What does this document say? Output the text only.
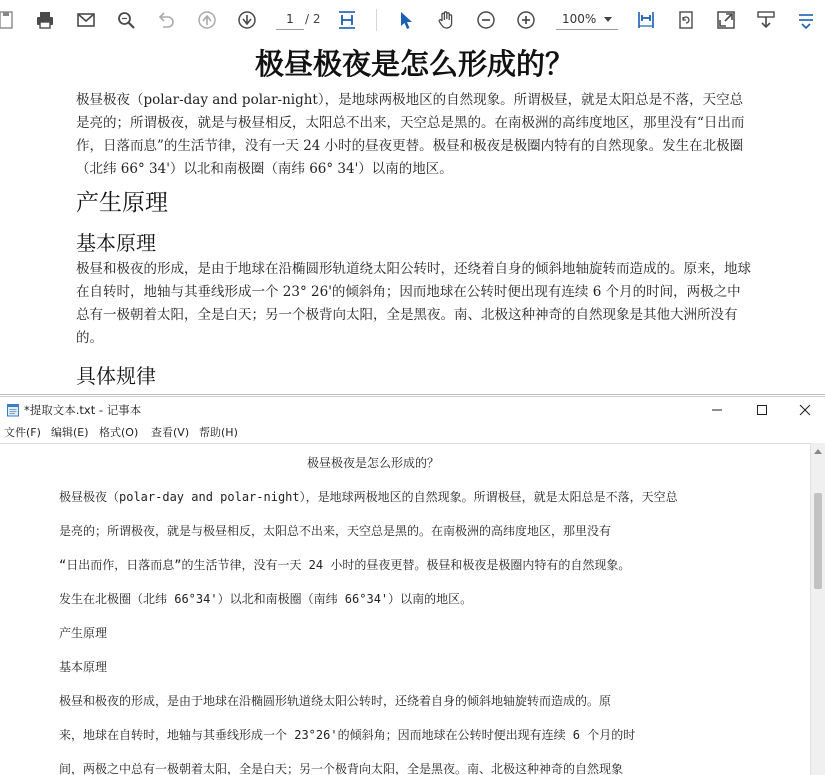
1 / 2	100%
极昼极夜是怎么形成的？
极昼极夜（polar-day and polar-night），是地球两极地区的自然现象。所谓极昼，就是太阳总是不落，天空总是亮的；所谓极夜，就是与极昼相反，太阳总不出来，天空总是黑的。在南极洲的高纬度地区，那里没有“日出而作，日落而息”的生活节律，没有一天 24 小时的昼夜更替。极昼和极夜是极圈内特有的自然现象。发生在北极圈（北纬 66° 34'）以北和南极圈（南纬 66° 34'）以南的地区。
产生原理
基本原理
极昼和极夜的形成，是由于地球在沿椭圆形轨道绕太阳公转时，还绕着自身的倾斜地轴旋转而造成的。原来，地球在自转时，地轴与其垂线形成一个 23° 26'的倾斜角；因而地球在公转时便出现有连续 6 个月的时间，两极之中总有一极朝着太阳，全是白天；另一个极背向太阳，全是黑夜。南、北极这种神奇的自然现象是其他大洲所没有的。
具体规律
*提取文本.txt - 记事本
文件(F) 编辑(E) 格式(O) 查看(V) 帮助(H)
极昼极夜是怎么形成的？
极昼极夜（polar-day and polar-night），是地球两极地区的自然现象。所谓极昼，就是太阳总是不落，天空总
是亮的；所谓极夜，就是与极昼相反，太阳总不出来，天空总是黑的。在南极洲的高纬度地区，那里没有
“日出而作，日落而息”的生活节律，没有一天 24 小时的昼夜更替。极昼和极夜是极圈内特有的自然现象。
发生在北极圈（北纬 66°34'）以北和南极圈（南纬 66°34'）以南的地区。
产生原理
基本原理
极昼和极夜的形成，是由于地球在沿椭圆形轨道绕太阳公转时，还绕着自身的倾斜地轴旋转而造成的。原
来，地球在自转时，地轴与其垂线形成一个 23°26'的倾斜角；因而地球在公转时便出现有连续 6 个月的时
间，两极之中总有一极朝着太阳，全是白天；另一个极背向太阳，全是黑夜。南、北极这种神奇的自然现象
